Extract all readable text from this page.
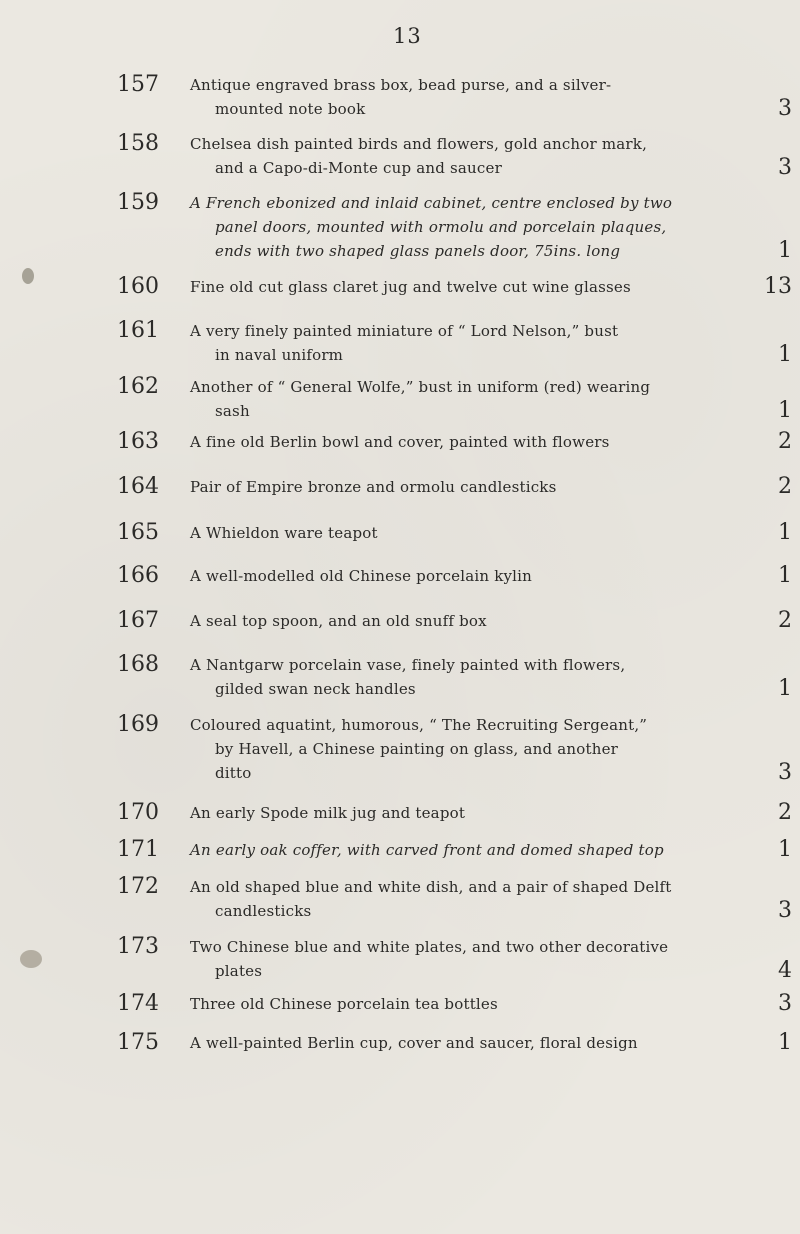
13
157 Antique engraved brass box, bead purse, and a silver-
mounted note book	3
158 Chelsea dish painted birds and flowers, gold anchor mark,
and a Capo-di-Monte cup and saucer	3
159 A French ebonized and inlaid cabinet, centre enclosed by two
panel doors, mounted with ormolu and porcelain plaques,
ends with two shaped glass panels door, 75ins. long	1
160 Fine old cut glass claret jug and twelve cut wine glasses	13
161 A very finely painted miniature of “ Lord Nelson,” bust
in naval uniform	1
162 Another of “ General Wolfe,” bust in uniform (red) wearing
sash	1
163 A fine old Berlin bowl and cover, painted with flowers	2
164 Pair of Empire bronze and ormolu candlesticks	2
165 A Whieldon ware teapot	1
166 A well-modelled old Chinese porcelain kylin	1
167 A seal top spoon, and an old snuff box	2
168 A Nantgarw porcelain vase, finely painted with flowers,
gilded swan neck handles	1
169 Coloured aquatint, humorous, “ The Recruiting Sergeant,”
by Havell, a Chinese painting on glass, and another
ditto	3
170 An early Spode milk jug and teapot	2
171 An early oak coffer, with carved front and domed shaped top	1
172 An old shaped blue and white dish, and a pair of shaped Delft
candlesticks	3
173 Two Chinese blue and white plates, and two other decorative
plates	4
174 Three old Chinese porcelain tea bottles	3
175 A well-painted Berlin cup, cover and saucer, floral design	1
